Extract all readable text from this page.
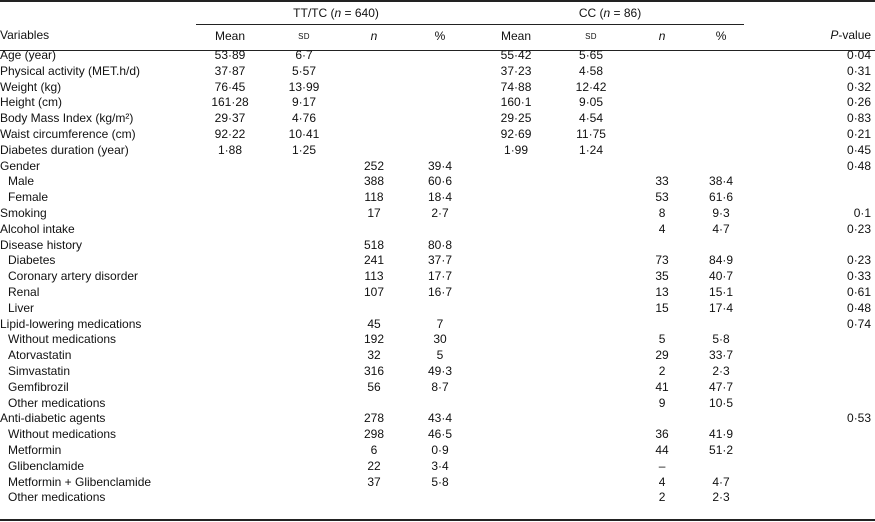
	TT/TC (n = 640)				CC (n = 86)				
Variables	Mean	sd	n	%	Mean	sd	n	%	P-value
Age (year)	53·89	6·7			55·42	5·65			0·04
Physical activity (MET.h/d)	37·87	5·57			37·23	4·58			0·31
Weight (kg)	76·45	13·99			74·88	12·42			0·32
Height (cm)	161·28	9·17			160·1	9·05			0·26
Body Mass Index (kg/m²)	29·37	4·76			29·25	4·54			0·83
Waist circumference (cm)	92·22	10·41			92·69	11·75			0·21
Diabetes duration (year)	1·88	1·25			1·99	1·24			0·45
Gender			252	39·4					0·48
Male			388	60·6			33	38·4	
Female			118	18·4			53	61·6	
Smoking			17	2·7			8	9·3	0·1
Alcohol intake							4	4·7	0·23
Disease history			518	80·8					
Diabetes			241	37·7			73	84·9	0·23
Coronary artery disorder			113	17·7			35	40·7	0·33
Renal			107	16·7			13	15·1	0·61
Liver							15	17·4	0·48
Lipid-lowering medications			45	7					0·74
Without medications			192	30			5	5·8	
Atorvastatin			32	5			29	33·7	
Simvastatin			316	49·3			2	2·3	
Gemfibrozil			56	8·7			41	47·7	
Other medications							9	10·5	
Anti-diabetic agents			278	43·4					0·53
Without medications			298	46·5			36	41·9	
Metformin			6	0·9			44	51·2	
Glibenclamide			22	3·4			–		
Metformin + Glibenclamide			37	5·8			4	4·7	
Other medications							2	2·3	
